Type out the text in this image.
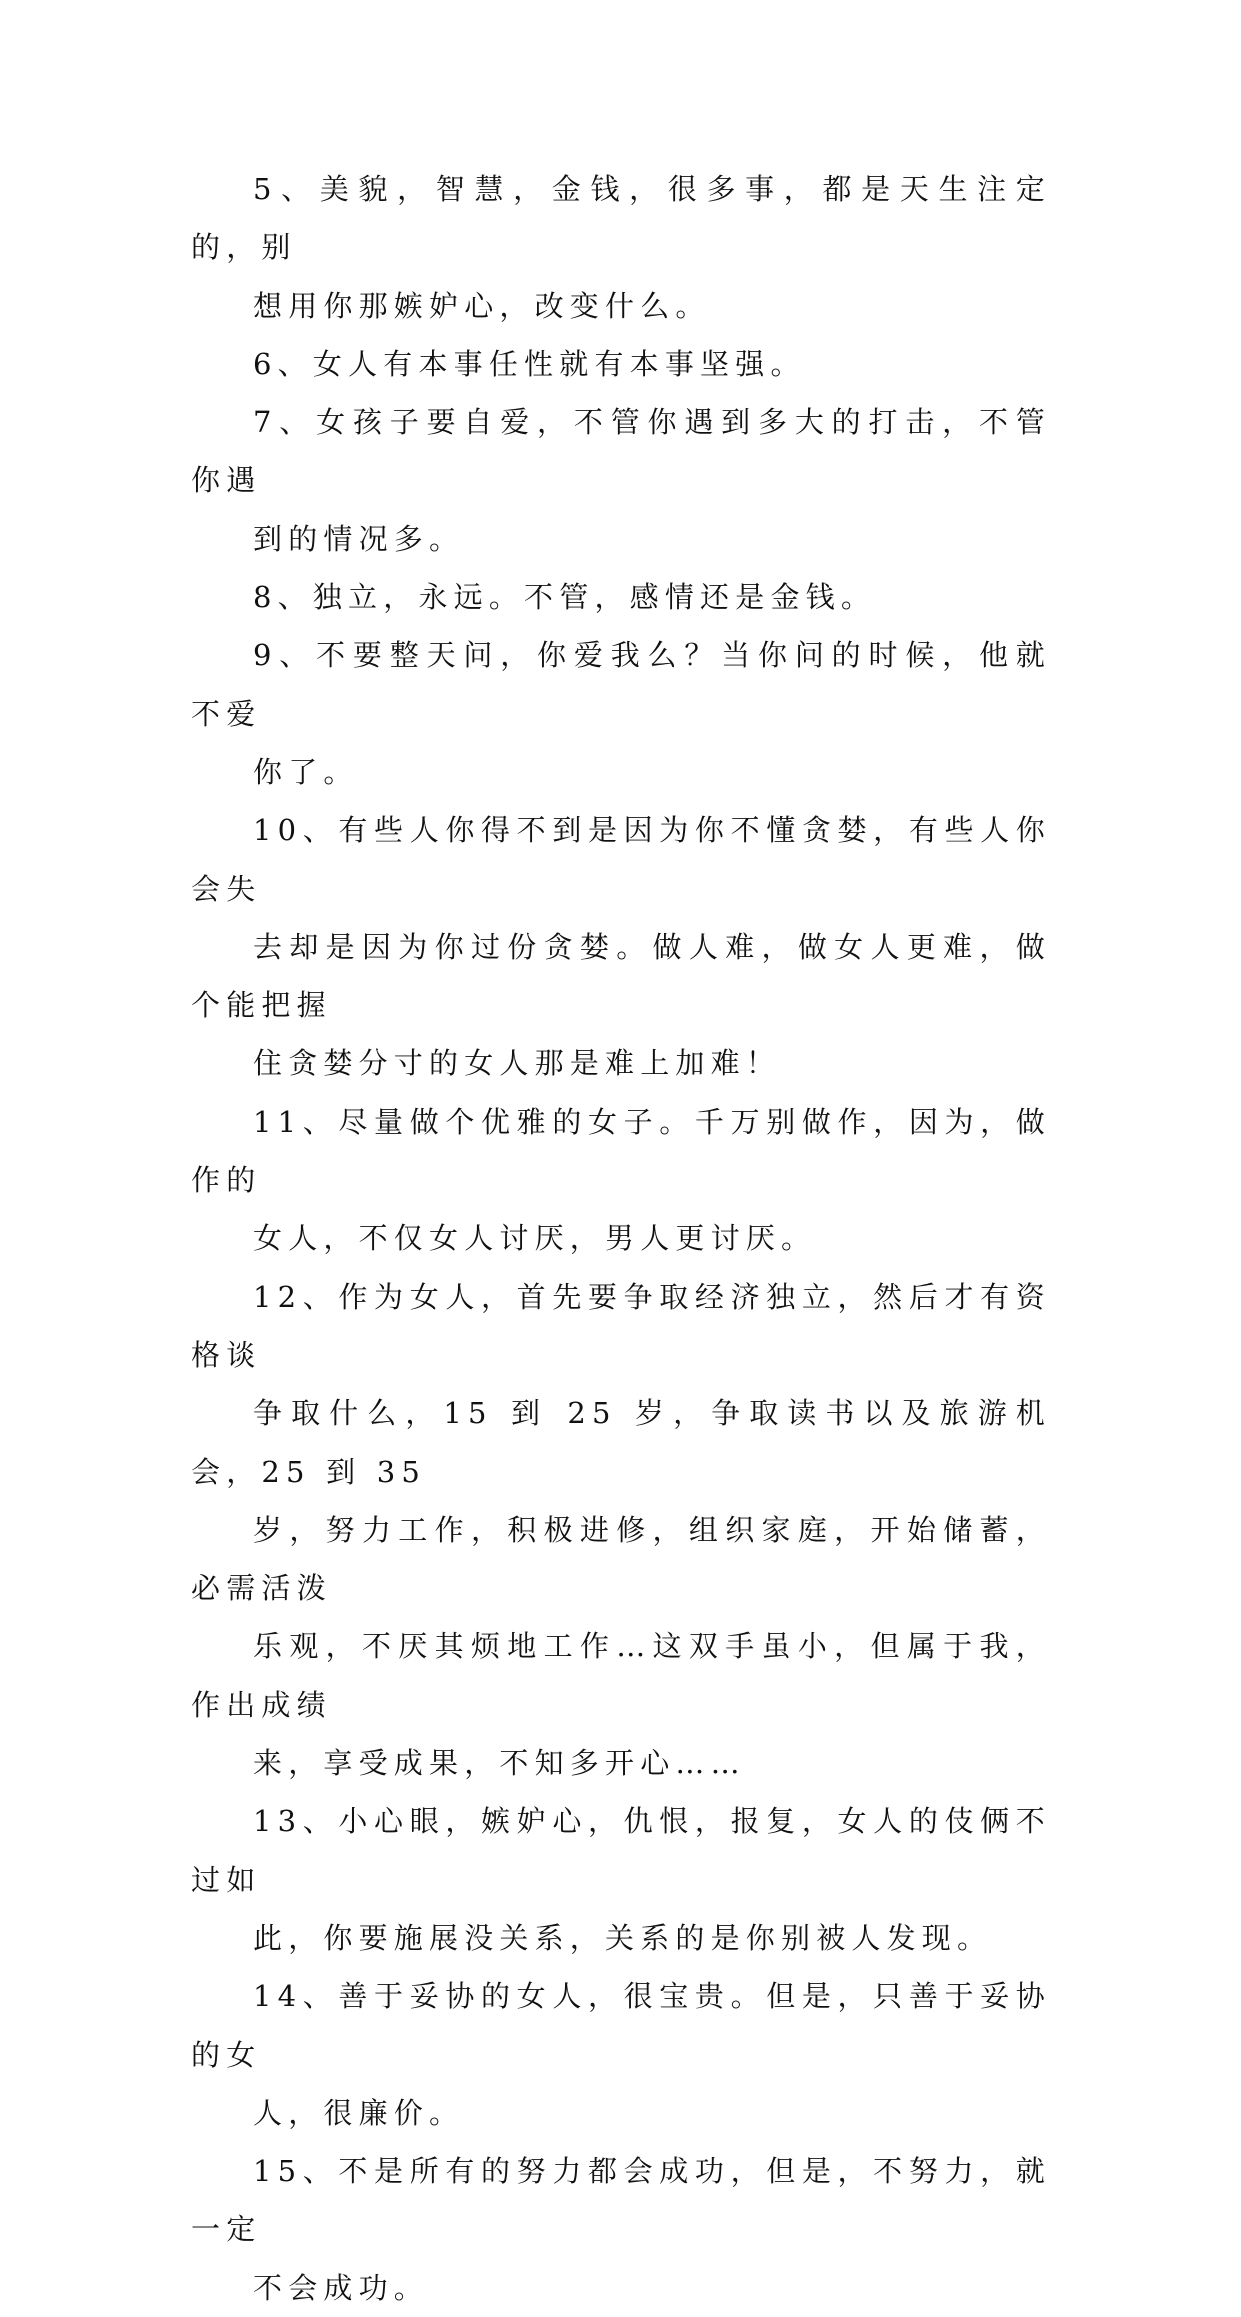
5、美貌，智慧，金钱，很多事，都是天生注定的，别
想用你那嫉妒心，改变什么。

6、女人有本事任性就有本事坚强。

7、女孩子要自爱，不管你遇到多大的打击，不管你遇
到的情况多。

8、独立，永远。不管，感情还是金钱。

9、不要整天问，你爱我么？当你问的时候，他就不爱
你了。

10、有些人你得不到是因为你不懂贪婪，有些人你会失
去却是因为你过份贪婪。做人难，做女人更难，做个能把握
住贪婪分寸的女人那是难上加难！

11、尽量做个优雅的女子。千万别做作，因为，做作的
女人，不仅女人讨厌，男人更讨厌。

12、作为女人，首先要争取经济独立，然后才有资格谈
争取什么，15 到 25 岁，争取读书以及旅游机会，25 到 35
岁，努力工作，积极进修，组织家庭，开始储蓄，必需活泼
乐观，不厌其烦地工作…这双手虽小，但属于我，作出成绩
来，享受成果，不知多开心……

13、小心眼，嫉妒心，仇恨，报复，女人的伎俩不过如
此，你要施展没关系，关系的是你别被人发现。

14、善于妥协的女人，很宝贵。但是，只善于妥协的女
人，很廉价。

15、不是所有的努力都会成功，但是，不努力，就一定
不会成功。
